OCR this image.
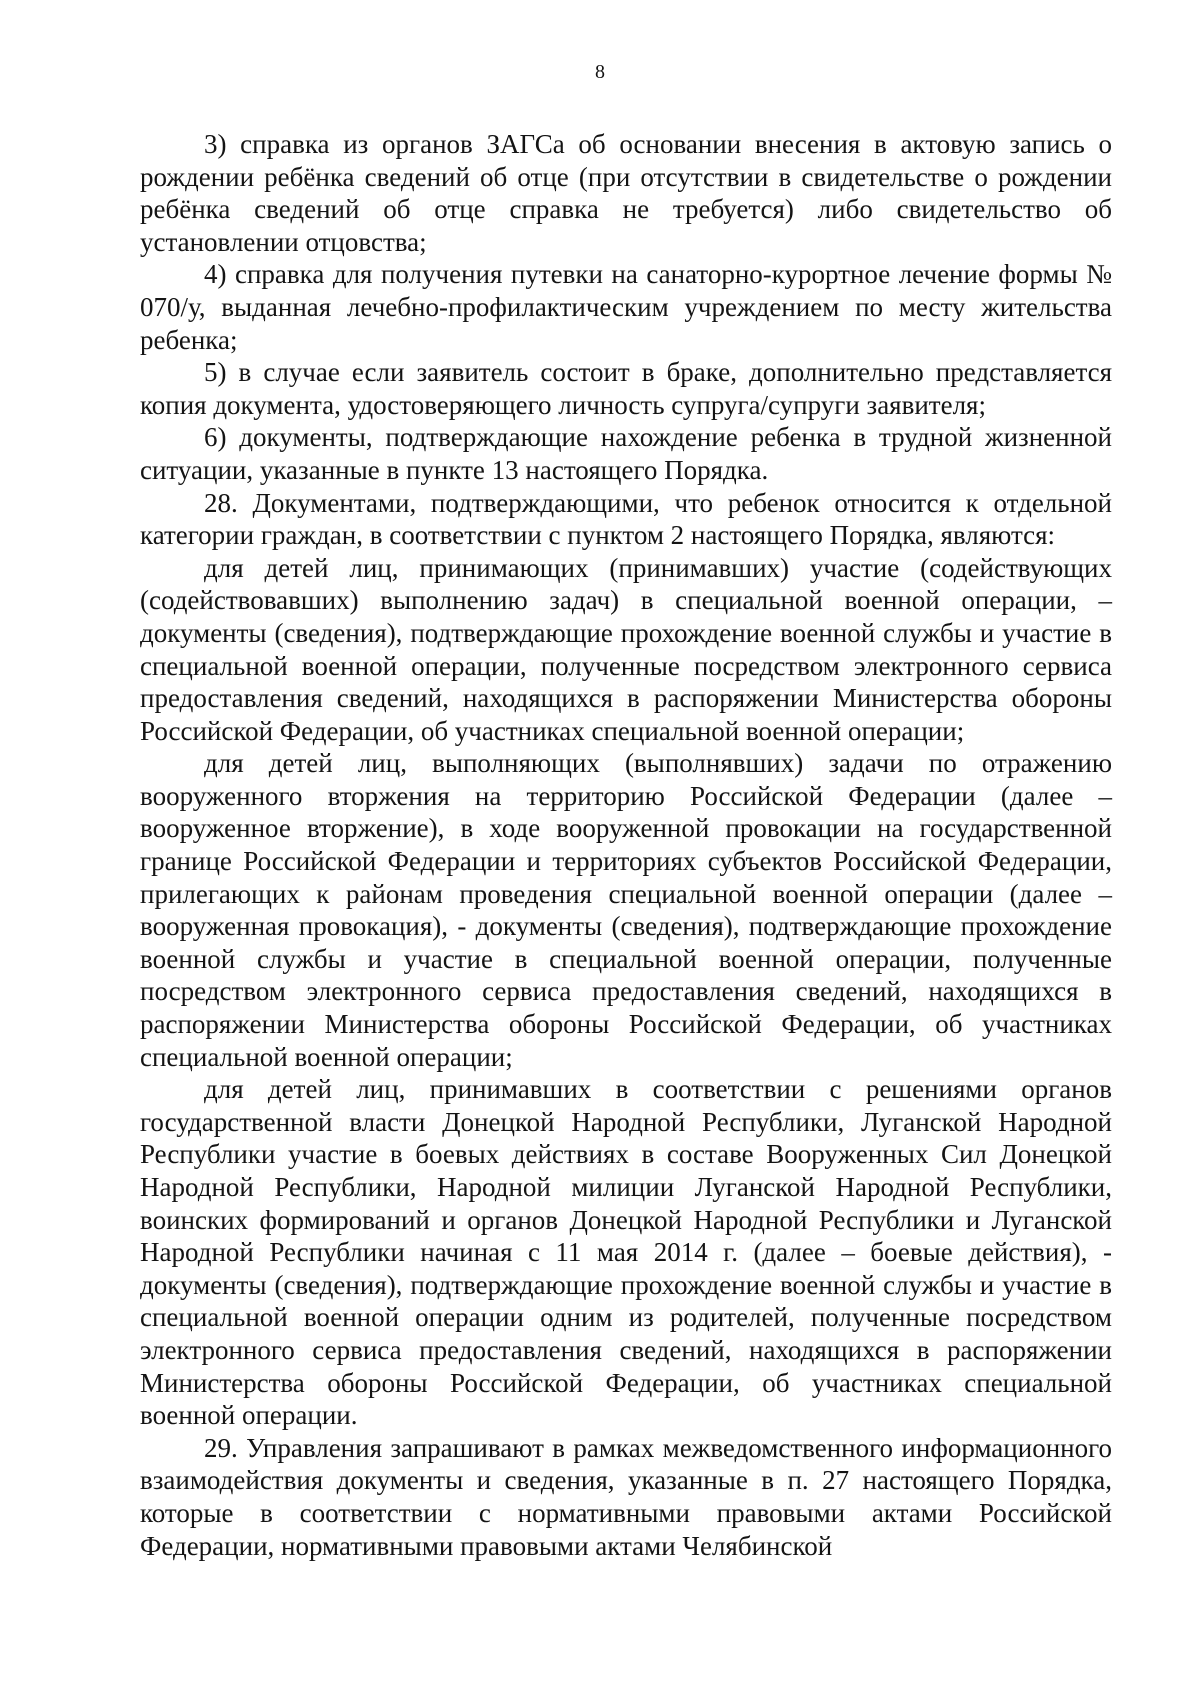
8

3) справка из органов ЗАГСа об основании внесения в актовую запись о рождении ребёнка сведений об отце (при отсутствии в свидетельстве о рождении ребёнка сведений об отце справка не требуется) либо свидетельство об установлении отцовства;

4) справка для получения путевки на санаторно-курортное лечение формы № 070/у, выданная лечебно-профилактическим учреждением по месту жительства ребенка;

5) в случае если заявитель состоит в браке, дополнительно представляется копия документа, удостоверяющего личность супруга/супруги заявителя;

6) документы, подтверждающие нахождение ребенка в трудной жизненной ситуации, указанные в пункте 13 настоящего Порядка.

28. Документами, подтверждающими, что ребенок относится к отдельной категории граждан, в соответствии с пунктом 2 настоящего Порядка, являются:

для детей лиц, принимающих (принимавших) участие (содействующих (содействовавших) выполнению задач) в специальной военной операции, – документы (сведения), подтверждающие прохождение военной службы и участие в специальной военной операции, полученные посредством электронного сервиса предоставления сведений, находящихся в распоряжении Министерства обороны Российской Федерации, об участниках специальной военной операции;

для детей лиц, выполняющих (выполнявших) задачи по отражению вооруженного вторжения на территорию Российской Федерации (далее – вооруженное вторжение), в ходе вооруженной провокации на государственной границе Российской Федерации и территориях субъектов Российской Федерации, прилегающих к районам проведения специальной военной операции (далее – вооруженная провокация), - документы (сведения), подтверждающие прохождение военной службы и участие в специальной военной операции, полученные посредством электронного сервиса предоставления сведений, находящихся в распоряжении Министерства обороны Российской Федерации, об участниках специальной военной операции;

для детей лиц, принимавших в соответствии с решениями органов государственной власти Донецкой Народной Республики, Луганской Народной Республики участие в боевых действиях в составе Вооруженных Сил Донецкой Народной Республики, Народной милиции Луганской Народной Республики, воинских формирований и органов Донецкой Народной Республики и Луганской Народной Республики начиная с 11 мая 2014 г. (далее – боевые действия), - документы (сведения), подтверждающие прохождение военной службы и участие в специальной военной операции одним из родителей, полученные посредством электронного сервиса предоставления сведений, находящихся в распоряжении Министерства обороны Российской Федерации, об участниках специальной военной операции.

29. Управления запрашивают в рамках межведомственного информационного взаимодействия документы и сведения, указанные в п. 27 настоящего Порядка, которые в соответствии с нормативными правовыми актами Российской Федерации, нормативными правовыми актами Челябинской
